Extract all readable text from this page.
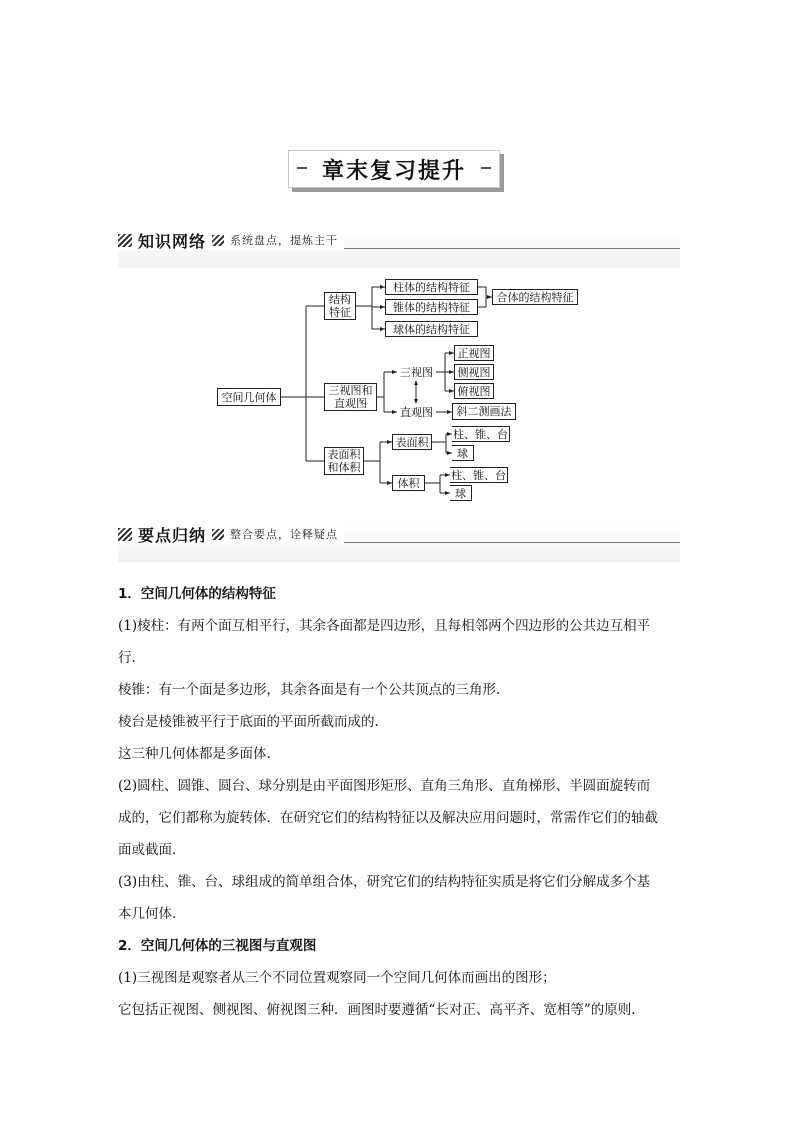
章末复习提升
知识网络 系统盘点，提炼主干
空间几何体
结构
特征
柱体的结构特征
锥体的结构特征
球体的结构特征
合体的结构特征
三视图和
直观图
三视图
正视图
侧视图
俯视图
直观图	斜二测画法
表面积
和体积
表面积
柱、锥、台
球
体积
柱、锥、台
球
要点归纳 整合要点，诠释疑点

1．空间几何体的结构特征

(1)棱柱：有两个面互相平行，其余各面都是四边形，且每相邻两个四边形的公共边互相平

行.

棱锥：有一个面是多边形，其余各面是有一个公共顶点的三角形.

棱台是棱锥被平行于底面的平面所截而成的.

这三种几何体都是多面体.

(2)圆柱、圆锥、圆台、球分别是由平面图形矩形、直角三角形、直角梯形、半圆面旋转而

成的，它们都称为旋转体．在研究它们的结构特征以及解决应用问题时，常需作它们的轴截

面或截面.

(3)由柱、锥、台、球组成的简单组合体，研究它们的结构特征实质是将它们分解成多个基

本几何体.

2．空间几何体的三视图与直观图

(1)三视图是观察者从三个不同位置观察同一个空间几何体而画出的图形；

它包括正视图、侧视图、俯视图三种．画图时要遵循“长对正、高平齐、宽相等”的原则.
